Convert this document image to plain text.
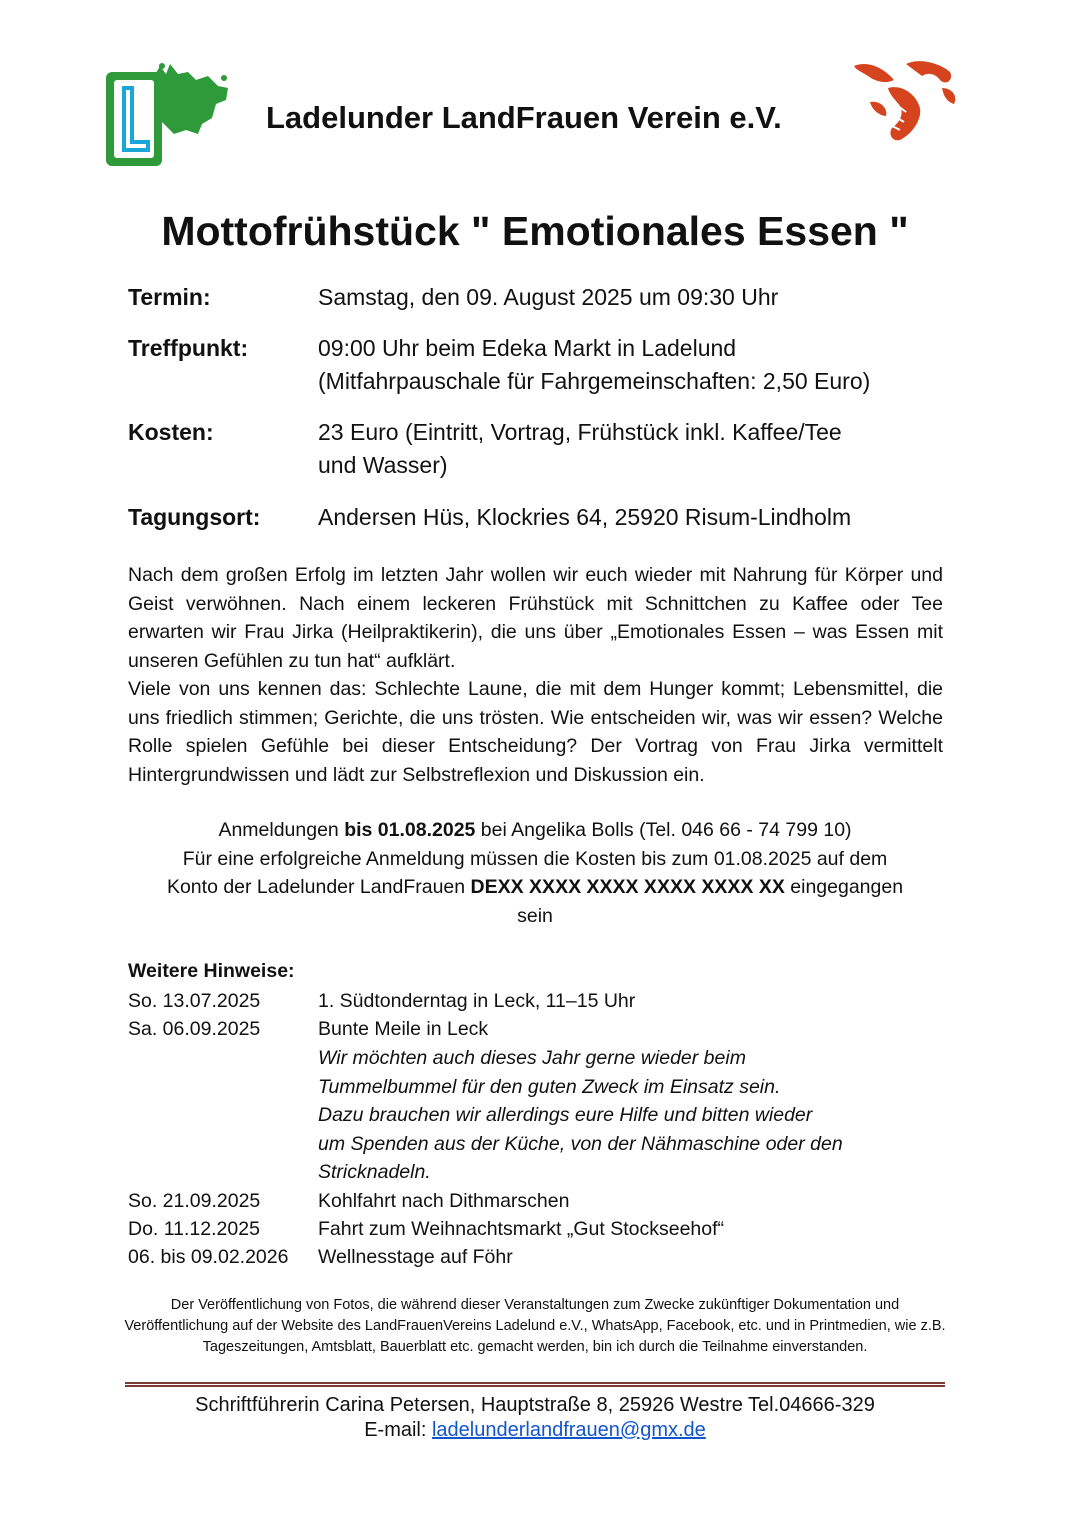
Ladelunder LandFrauen Verein e.V.
Mottofrühstück " Emotionales Essen "
Termin:	Samstag, den 09. August 2025 um 09:30 Uhr
Treffpunkt:	09:00 Uhr beim Edeka Markt in Ladelund
(Mitfahrpauschale für Fahrgemeinschaften: 2,50 Euro)
Kosten:	23 Euro (Eintritt, Vortrag, Frühstück inkl. Kaffee/Tee
und Wasser)
Tagungsort:	Andersen Hüs, Klockries 64, 25920 Risum-Lindholm

Nach dem großen Erfolg im letzten Jahr wollen wir euch wieder mit Nahrung für Körper und Geist verwöhnen. Nach einem leckeren Frühstück mit Schnittchen zu Kaffee oder Tee erwarten wir Frau Jirka (Heilpraktikerin), die uns über „Emotionales Essen – was Essen mit unseren Gefühlen zu tun hat“ aufklärt.

Viele von uns kennen das: Schlechte Laune, die mit dem Hunger kommt; Lebensmittel, die uns friedlich stimmen; Gerichte, die uns trösten. Wie entscheiden wir, was wir essen? Welche Rolle spielen Gefühle bei dieser Entscheidung? Der Vortrag von Frau Jirka vermittelt Hintergrundwissen und lädt zur Selbstreflexion und Diskussion ein.

Anmeldungen bis 01.08.2025 bei Angelika Bolls (Tel. 046 66 - 74 799 10)

Für eine erfolgreiche Anmeldung müssen die Kosten bis zum 01.08.2025 auf dem

Konto der Ladelunder LandFrauen DEXX XXXX XXXX XXXX XXXX XX eingegangen

sein

Weitere Hinweise:
So. 13.07.2025	1. Südtonderntag in Leck, 11–15 Uhr
Sa. 06.09.2025	Bunte Meile in Leck
Wir möchten auch dieses Jahr gerne wieder beim
Tummelbummel für den guten Zweck im Einsatz sein.
Dazu brauchen wir allerdings eure Hilfe und bitten wieder
um Spenden aus der Küche, von der Nähmaschine oder den
Stricknadeln.
So. 21.09.2025	Kohlfahrt nach Dithmarschen
Do. 11.12.2025	Fahrt zum Weihnachtsmarkt „Gut Stockseehof“
06. bis 09.02.2026 Wellnesstage auf Föhr
Der Veröffentlichung von Fotos, die während dieser Veranstaltungen zum Zwecke zukünftiger Dokumentation und Veröffentlichung auf der Website des LandFrauenVereins Ladelund e.V., WhatsApp, Facebook, etc. und in Printmedien, wie z.B. Tageszeitungen, Amtsblatt, Bauerblatt etc. gemacht werden, bin ich durch die Teilnahme einverstanden.
Schriftführerin Carina Petersen, Hauptstraße 8, 25926 Westre Tel.04666-329
E-mail: ladelunderlandfrauen@gmx.de
